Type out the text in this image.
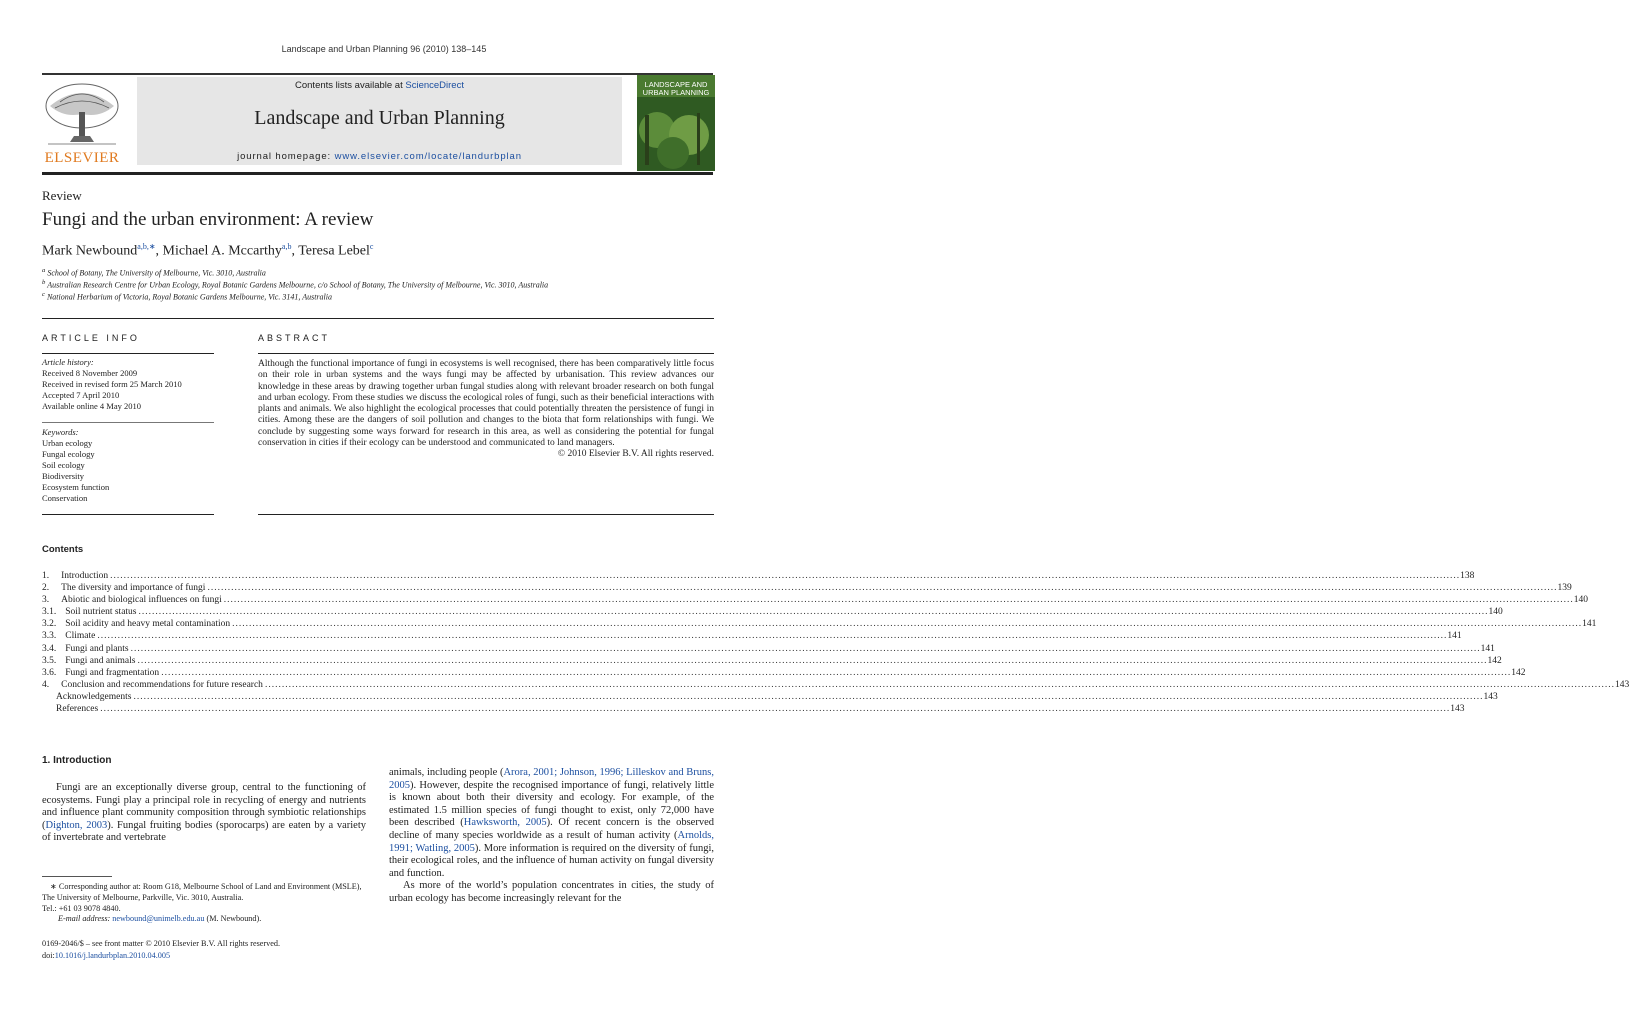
Landscape and Urban Planning 96 (2010) 138–145
ELSEVIER
Contents lists available at ScienceDirect
Landscape and Urban Planning
journal homepage: www.elsevier.com/locate/landurbplan
LANDSCAPE AND
URBAN PLANNING
Review
Fungi and the urban environment: A review
Mark Newbound$^{a,b,∗}$, Michael A. Mccarthy$^{a,b}$, Teresa Lebel$^c$
$^a$ School of Botany, The University of Melbourne, Vic. 3010, Australia
$^b$ Australian Research Centre for Urban Ecology, Royal Botanic Gardens Melbourne, c/o School of Botany, The University of Melbourne, Vic. 3010, Australia
$^c$ National Herbarium of Victoria, Royal Botanic Gardens Melbourne, Vic. 3141, Australia
ARTICLE INFO
Article history:
Received 8 November 2009
Received in revised form 25 March 2010
Accepted 7 April 2010
Available online 4 May 2010
Keywords:
Urban ecology
Fungal ecology
Soil ecology
Biodiversity
Ecosystem function
Conservation
ABSTRACT
Although the functional importance of fungi in ecosystems is well recognised, there has been comparatively little focus on their role in urban systems and the ways fungi may be affected by urbanisation. This review advances our knowledge in these areas by drawing together urban fungal studies along with relevant broader research on both fungal and urban ecology. From these studies we discuss the ecological roles of fungi, such as their beneficial interactions with plants and animals. We also highlight the ecological processes that could potentially threaten the persistence of fungi in cities. Among these are the dangers of soil pollution and changes to the biota that form relationships with fungi. We conclude by suggesting some ways forward for research in this area, as well as considering the potential for fungal conservation in cities if their ecology can be understood and communicated to land managers.
© 2010 Elsevier B.V. All rights reserved.
Contents
1.	Introduction ................................................................................................................................................................................................................................................................................................................................................................................................................ 138
2.	The diversity and importance of fungi ................................................................................................................................................................................................................................................................................................................................................................................................................ 139
3.	Abiotic and biological influences on fungi ................................................................................................................................................................................................................................................................................................................................................................................................................ 140
3.1. Soil nutrient status ................................................................................................................................................................................................................................................................................................................................................................................................................ 140
3.2. Soil acidity and heavy metal contamination ................................................................................................................................................................................................................................................................................................................................................................................................................ 141
3.3. Climate ................................................................................................................................................................................................................................................................................................................................................................................................................ 141
3.4. Fungi and plants ................................................................................................................................................................................................................................................................................................................................................................................................................ 141
3.5. Fungi and animals ................................................................................................................................................................................................................................................................................................................................................................................................................ 142
3.6. Fungi and fragmentation ................................................................................................................................................................................................................................................................................................................................................................................................................ 142
4.	Conclusion and recommendations for future research ................................................................................................................................................................................................................................................................................................................................................................................................................ 143
Acknowledgements ................................................................................................................................................................................................................................................................................................................................................................................................................ 143
References ................................................................................................................................................................................................................................................................................................................................................................................................................ 143
1. Introduction
Fungi are an exceptionally diverse group, central to the functioning of ecosystems. Fungi play a principal role in recycling of energy and nutrients and influence plant community composition through symbiotic relationships (Dighton, 2003). Fungal fruiting bodies (sporocarps) are eaten by a variety of invertebrate and vertebrate
animals, including people (Arora, 2001; Johnson, 1996; Lilleskov and Bruns, 2005). However, despite the recognised importance of fungi, relatively little is known about both their diversity and ecology. For example, of the estimated 1.5 million species of fungi thought to exist, only 72,000 have been described (Hawksworth, 2005). Of recent concern is the observed decline of many species worldwide as a result of human activity (Arnolds, 1991; Watling, 2005). More information is required on the diversity of fungi, their ecological roles, and the influence of human activity on fungal diversity and function.
As more of the world’s population concentrates in cities, the study of urban ecology has become increasingly relevant for the
∗ Corresponding author at: Room G18, Melbourne School of Land and Environment (MSLE), The University of Melbourne, Parkville, Vic. 3010, Australia.
Tel.: +61 03 9078 4840.
E-mail address: newbound@unimelb.edu.au (M. Newbound).
0169-2046/$ – see front matter © 2010 Elsevier B.V. All rights reserved.
doi:10.1016/j.landurbplan.2010.04.005
